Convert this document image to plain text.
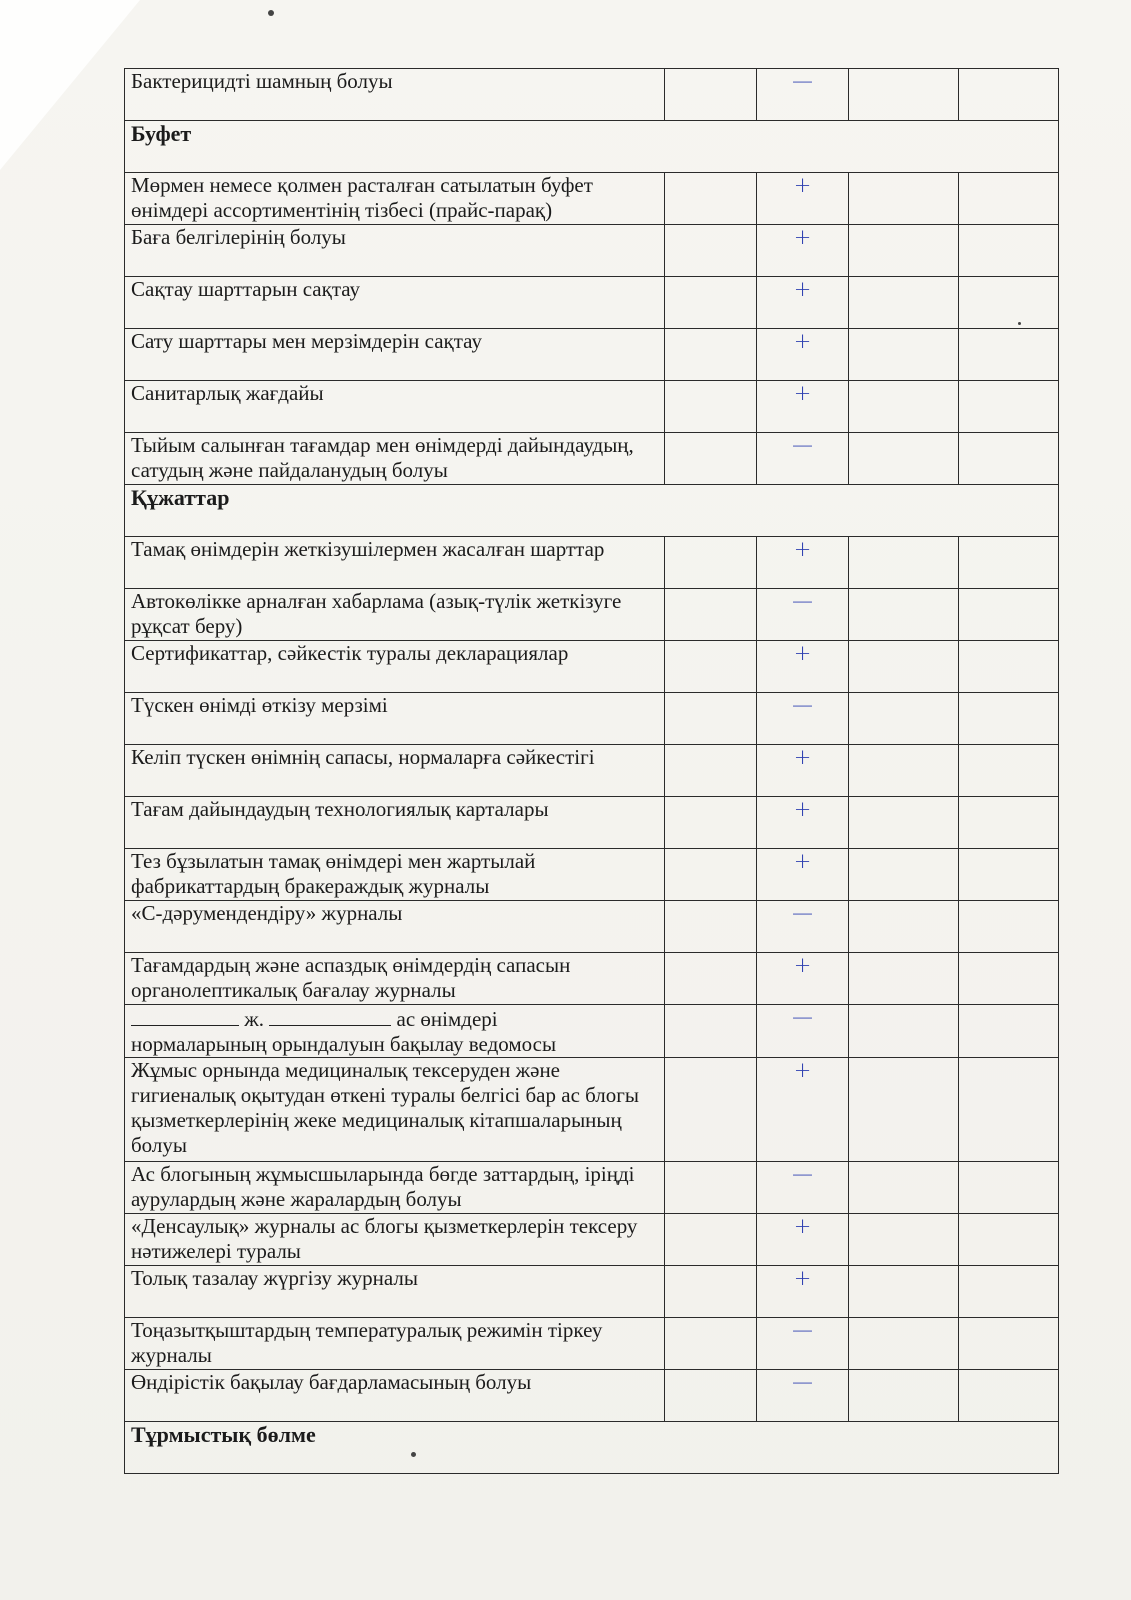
Бактерицидті шамның болуы		—		
Буфет				
Мөрмен немесе қолмен расталған сатылатын буфет өнімдері ассортиментінің тізбесі (прайс-парақ)		+		
Баға белгілерінің болуы		+		
Сақтау шарттарын сақтау		+		
Сату шарттары мен мерзімдерін сақтау		+		
Санитарлық жағдайы		+		
Тыйым салынған тағамдар мен өнімдерді дайындаудың, сатудың және пайдаланудың болуы		—		
Құжаттар				
Тамақ өнімдерін жеткізушілермен жасалған шарттар		+		
Автокөлікке арналған хабарлама (азық-түлік жеткізуге рұқсат беру)		—		
Сертификаттар, сәйкестік туралы декларациялар		+		
Түскен өнімді өткізу мерзімі		—		
Келіп түскен өнімнің сапасы, нормаларға сәйкестігі		+		
Тағам дайындаудың технологиялық карталары		+		
Тез бұзылатын тамақ өнімдері мен жартылай фабрикаттардың бракераждық журналы		+		
«С-дәрумендендіру» журналы		—		
Тағамдардың және аспаздық өнімдердің сапасын органолептикалық бағалау журналы		+		
ж. ас өнімдері
нормаларының орындалуын бақылау ведомосы		—		
Жұмыс орнында медициналық тексеруден және гигиеналық оқытудан өткені туралы белгісі бар ас блогы қызметкерлерінің жеке медициналық кітапшаларының болуы		+		
Ас блогының жұмысшыларында бөгде заттардың, іріңді аурулардың және жаралардың болуы		—		
«Денсаулық» журналы ас блогы қызметкерлерін тексеру нәтижелері туралы		+		
Толық тазалау жүргізу журналы		+		
Тоңазытқыштардың температуралық режимін тіркеу журналы		—		
Өндірістік бақылау бағдарламасының болуы		—		
Тұрмыстық бөлме				
